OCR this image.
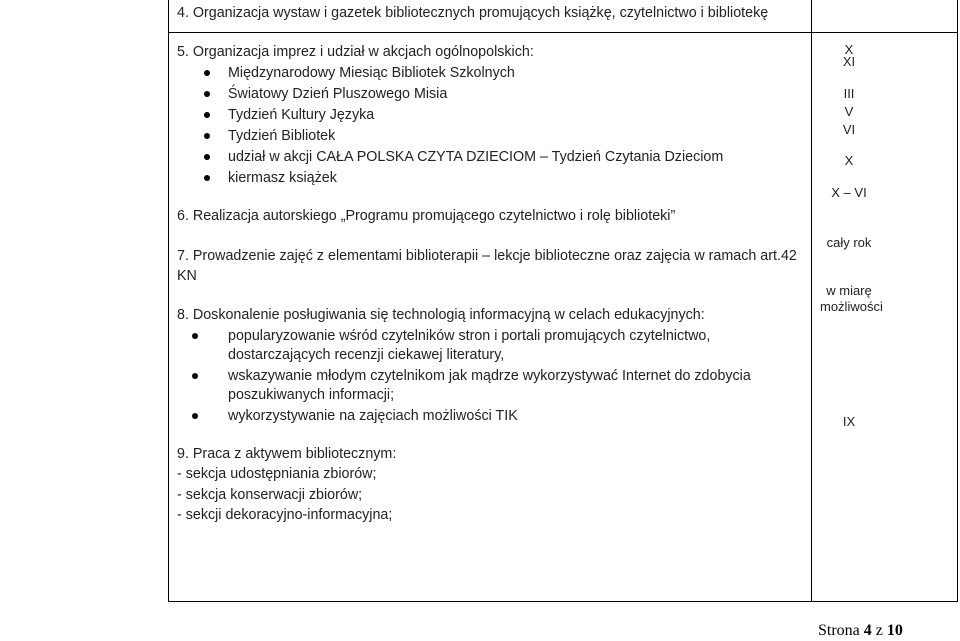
4. Organizacja wystaw i gazetek bibliotecznych promujących książkę, czytelnictwo i bibliotekę
5. Organizacja imprez i udział w akcjach ogólnopolskich:
Międzynarodowy Miesiąc Bibliotek Szkolnych
Światowy Dzień Pluszowego Misia
Tydzień Kultury Języka
Tydzień Bibliotek
udział w akcji CAŁA POLSKA CZYTA DZIECIOM – Tydzień Czytania Dzieciom
kiermasz książek
6. Realizacja autorskiego „Programu promującego czytelnictwo i rolę biblioteki”
7. Prowadzenie zajęć z elementami biblioterapii – lekcje biblioteczne oraz zajęcia w ramach art.42
KN
8. Doskonalenie posługiwania się technologią informacyjną w celach edukacyjnych:
popularyzowanie wśród czytelników stron i portali promujących czytelnictwo,
dostarczających recenzji ciekawej literatury,
wskazywanie młodym czytelnikom jak mądrze wykorzystywać Internet do zdobycia
poszukiwanych informacji;
wykorzystywanie na zajęciach możliwości TIK
9. Praca z aktywem bibliotecznym:
- sekcja udostępniania zbiorów;
- sekcja konserwacji zbiorów;
- sekcji dekoracyjno-informacyjna;
X
XI
III
V
VI
X
X – VI
cały rok
w miarę
możliwości
IX
Strona 4 z 10
